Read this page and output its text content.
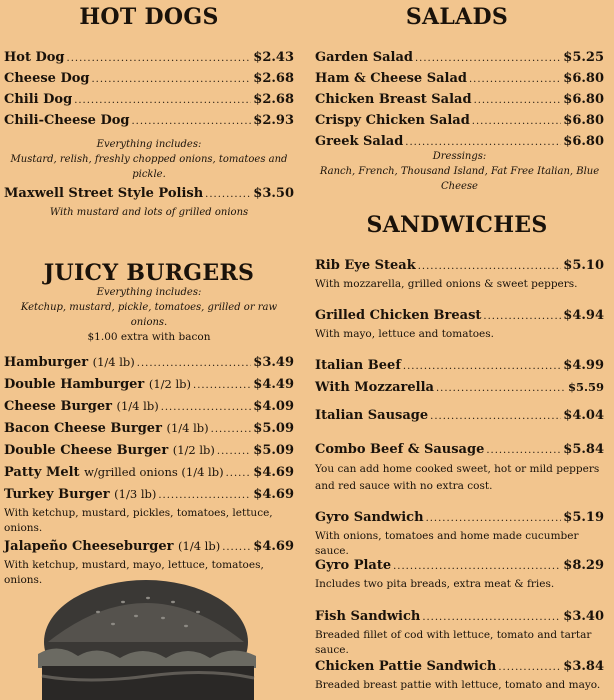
HOT DOGS
Hot Dog .....	$2.43
Cheese Dog .....	$2.68
Chili Dog .....	$2.68
Chili-Cheese Dog .....	$2.93
Everything includes:
Mustard, relish, freshly chopped onions, tomatoes and pickle.
Maxwell Street Style Polish .....	$3.50
With mustard and lots of grilled onions
JUICY BURGERS
Everything includes:
Ketchup, mustard, pickle, tomatoes, grilled or raw onions.
$1.00 extra with bacon
Hamburger (1/4 lb) .....	$3.49
Double Hamburger (1/2 lb) .....	$4.49
Cheese Burger (1/4 lb) .....	$4.09
Bacon Cheese Burger (1/4 lb) .....	$5.09
Double Cheese Burger (1/2 lb) .....	$5.09
Patty Melt w/grilled onions (1/4 lb) ..... $4.69
Turkey Burger (1/3 lb) .....	$4.69
With ketchup, mustard, pickles, tomatoes, lettuce, onions.
Jalapeño Cheeseburger (1/4 lb) .....	$4.69
With ketchup, mustard, mayo, lettuce, tomatoes, onions.
SALADS
Garden Salad .....	$5.25
Ham & Cheese Salad .....	$6.80
Chicken Breast Salad .....	$6.80
Crispy Chicken Salad .....	$6.80
Greek Salad .....	$6.80
Dressings:
Ranch, French, Thousand Island, Fat Free Italian, Blue Cheese
SANDWICHES
Rib Eye Steak .....	$5.10
With mozzarella, grilled onions & sweet peppers.
Grilled Chicken Breast .....	$4.94
With mayo, lettuce and tomatoes.
Italian Beef .....	$4.99
With Mozzarella .....	$5.59
Italian Sausage .....	$4.04
Combo Beef & Sausage .....	$5.84
You can add home cooked sweet, hot or mild peppers and red sauce with no extra cost.
Gyro Sandwich .....	$5.19
With onions, tomatoes and home made cucumber sauce.
Gyro Plate .....	$8.29
Includes two pita breads, extra meat & fries.
Fish Sandwich .....	$3.40
Breaded fillet of cod with lettuce, tomato and tartar sauce.
Chicken Pattie Sandwich .....	$3.84
Breaded breast pattie with lettuce, tomato and mayo.
